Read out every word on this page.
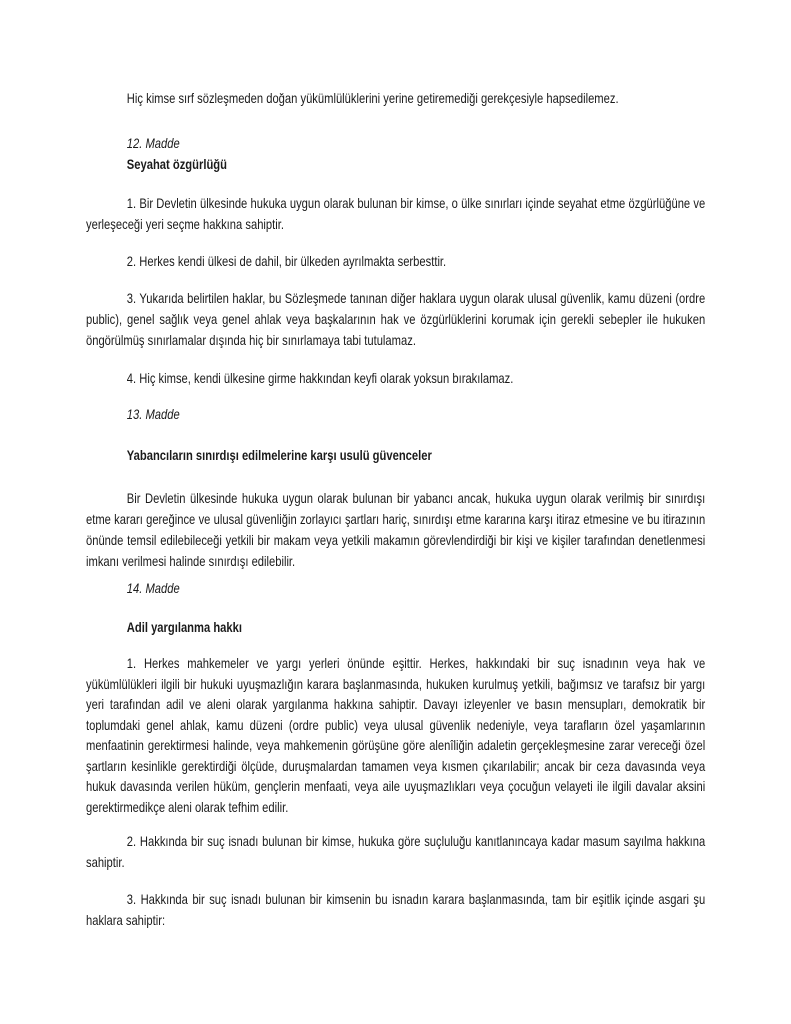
Hiç kimse sırf sözleşmeden doğan yükümlülüklerini yerine getiremediği gerekçesiyle hapsedilemez.

12. Madde

Seyahat özgürlüğü

1. Bir Devletin ülkesinde hukuka uygun olarak bulunan bir kimse, o ülke sınırları içinde seyahat etme özgürlüğüne ve yerleşeceği yeri seçme hakkına sahiptir.

2. Herkes kendi ülkesi de dahil, bir ülkeden ayrılmakta serbesttir.

3. Yukarıda belirtilen haklar, bu Sözleşmede tanınan diğer haklara uygun olarak ulusal güvenlik, kamu düzeni (ordre public), genel sağlık veya genel ahlak veya başkalarının hak ve özgürlüklerini korumak için gerekli sebepler ile hukuken öngörülmüş sınırlamalar dışında hiç bir sınırlamaya tabi tutulamaz.

4. Hiç kimse, kendi ülkesine girme hakkından keyfi olarak yoksun bırakılamaz.

13. Madde

Yabancıların sınırdışı edilmelerine karşı usulü güvenceler

Bir Devletin ülkesinde hukuka uygun olarak bulunan bir yabancı ancak, hukuka uygun olarak verilmiş bir sınırdışı etme kararı gereğince ve ulusal güvenliğin zorlayıcı şartları hariç, sınırdışı etme kararına karşı itiraz etmesine ve bu itirazının önünde temsil edilebileceği yetkili bir makam veya yetkili makamın görevlendirdiği bir kişi ve kişiler tarafından denetlenmesi imkanı verilmesi halinde sınırdışı edilebilir.

14. Madde

Adil yargılanma hakkı

1. Herkes mahkemeler ve yargı yerleri önünde eşittir. Herkes, hakkındaki bir suç isnadının veya hak ve yükümlülükleri ilgili bir hukuki uyuşmazlığın karara başlanmasında, hukuken kurulmuş yetkili, bağımsız ve tarafsız bir yargı yeri tarafından adil ve aleni olarak yargılanma hakkına sahiptir. Davayı izleyenler ve basın mensupları, demokratik bir toplumdaki genel ahlak, kamu düzeni (ordre public) veya ulusal güvenlik nedeniyle, veya tarafların özel yaşamlarının menfaatinin gerektirmesi halinde, veya mahkemenin görüşüne göre alenîliğin adaletin gerçekleşmesine zarar vereceği özel şartların kesinlikle gerektirdiği ölçüde, duruşmalardan tamamen veya kısmen çıkarılabilir; ancak bir ceza davasında veya hukuk davasında verilen hüküm, gençlerin menfaati, veya aile uyuşmazlıkları veya çocuğun velayeti ile ilgili davalar aksini gerektirmedikçe aleni olarak tefhim edilir.

2. Hakkında bir suç isnadı bulunan bir kimse, hukuka göre suçluluğu kanıtlanıncaya kadar masum sayılma hakkına sahiptir.

3. Hakkında bir suç isnadı bulunan bir kimsenin bu isnadın karara başlanmasında, tam bir eşitlik içinde asgari şu haklara sahiptir:
